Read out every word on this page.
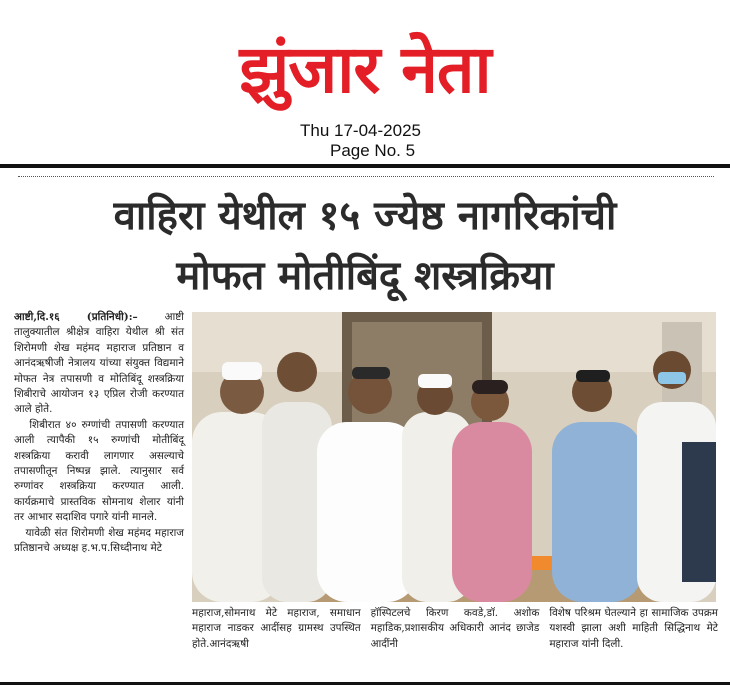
झुंजार नेता
Thu 17-04-2025
Page No. 5
वाहिरा येथील १५ ज्येष्ठ नागरिकांची
मोफत मोतीबिंदू शस्त्रक्रिया

आष्टी,दि.१६ (प्रतिनिधी):–	आष्टी तालुक्यातील श्रीक्षेत्र वाहिरा येथील श्री संत शिरोमणी शेख महंमद महाराज प्रतिष्ठान व आनंदऋषीजी नेत्रालय यांच्या संयुक्त विद्यमाने मोफत नेत्र तपासणी व मोतिबिंदू शस्त्रक्रिया शिबीराचे आयोजन १३ एप्रिल रोजी करण्यात आले होते.

शिबीरात ४० रुग्णांची तपासणी करण्यात आली त्यापैकी १५ रुग्णांची मोतीबिंदू शस्त्रक्रिया करावी लागणार असल्याचे तपासणीतून निष्पन्न झाले. त्यानुसार सर्व रुग्णांवर शस्त्रक्रिया करण्यात आली. कार्यक्रमाचे प्रास्तविक सोमनाथ शेलार यांनी तर आभार सदाशिव पगारे यांनी मानले.

यावेळी संत शिरोमणी शेख महंमद महाराज प्रतिष्ठानचे अध्यक्ष ह.भ.प.सिध्दीनाथ मेटे

महाराज,सोमनाथ मेटे महाराज, समाधान महाराज नाडकर आदींसह ग्रामस्थ उपस्थित होते.आनंदऋषी
हॉस्पिटलचे किरण कवडे,डॉ. अशोक महाडिक,प्रशासकीय अधिकारी आनंद छाजेड आदींनी
विशेष परिश्रम घेतल्याने हा सामाजिक उपक्रम यशस्वी झाला अशी माहिती सिद्धिनाथ मेटे महाराज यांनी दिली.
